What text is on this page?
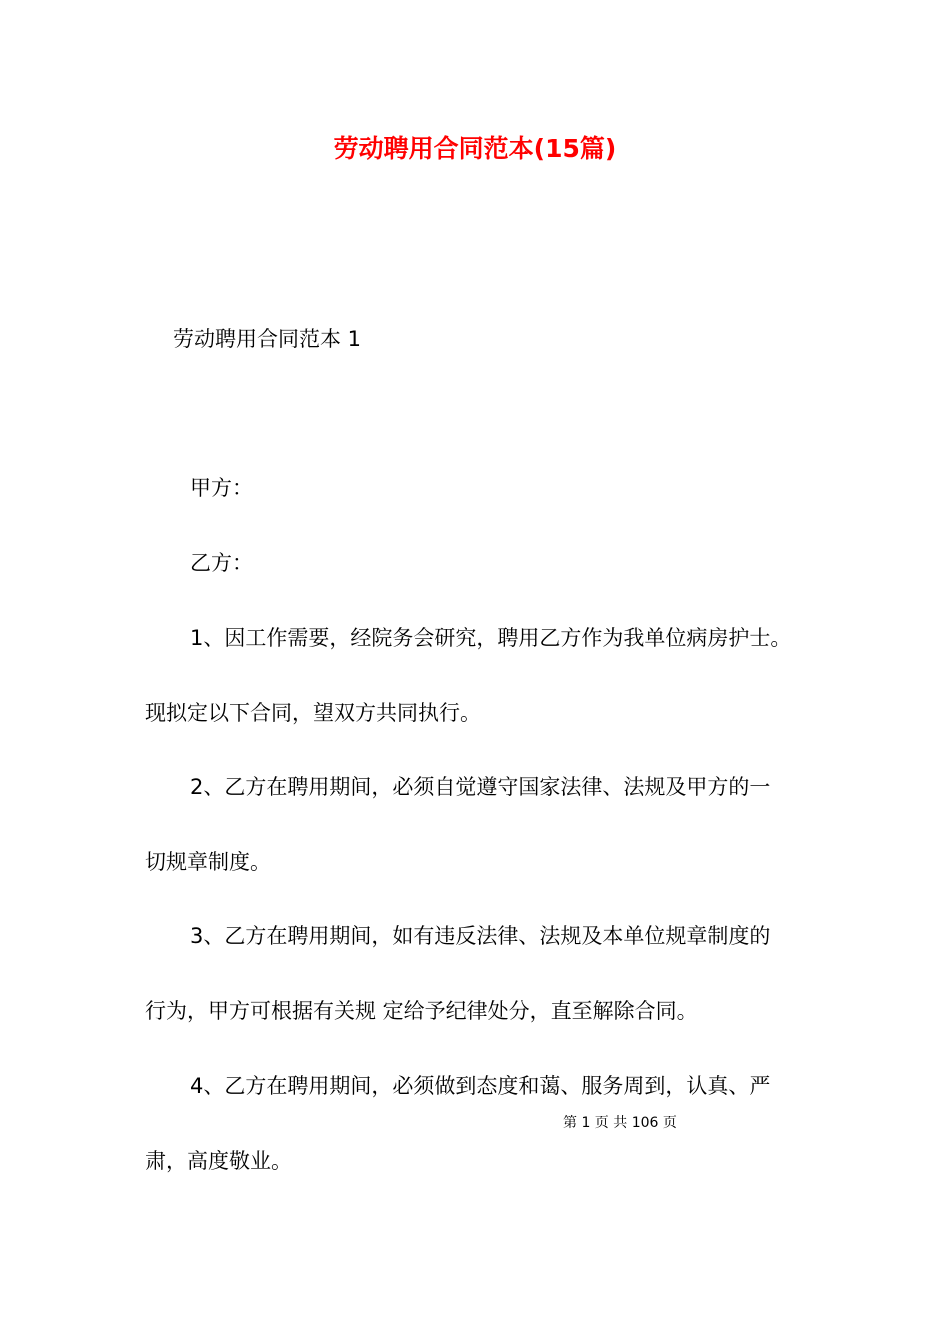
劳动聘用合同范本(15篇)
劳动聘用合同范本 1
甲方：
乙方：
1、因工作需要，经院务会研究，聘用乙方作为我单位病房护士。
现拟定以下合同，望双方共同执行。
2、乙方在聘用期间，必须自觉遵守国家法律、法规及甲方的一
切规章制度。
3、乙方在聘用期间，如有违反法律、法规及本单位规章制度的
行为，甲方可根据有关规 定给予纪律处分，直至解除合同。
4、乙方在聘用期间，必须做到态度和蔼、服务周到，认真、严
肃，高度敬业。
第 1 页 共 106 页
